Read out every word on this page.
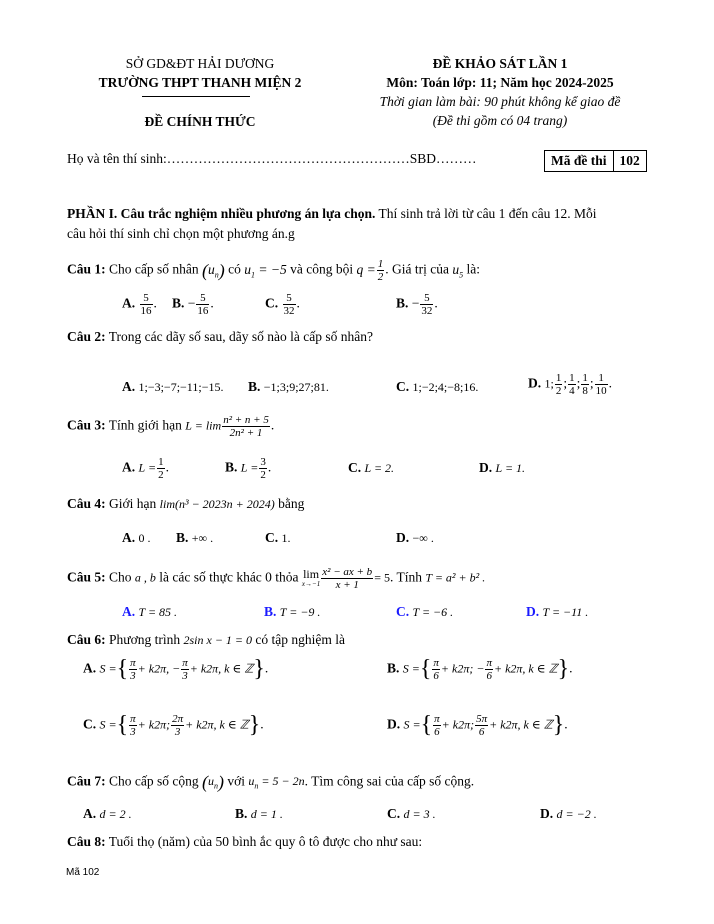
SỞ GD&ĐT HẢI DƯƠNG
TRƯỜNG THPT THANH MIỆN 2
ĐỀ CHÍNH THỨC
ĐỀ KHẢO SÁT LẦN 1
Môn: Toán lớp: 11; Năm học 2024-2025
Thời gian làm bài: 90 phút không kể giao đề
(Đề thi gồm có 04 trang)
Họ và tên thí sinh:………………………………………………SBD………	Mã đề thi 102
PHẦN I. Câu trắc nghiệm nhiều phương án lựa chọn. Thí sinh trả lời từ câu 1 đến câu 12. Mỗi
câu hỏi thí sinh chỉ chọn một phương án.g
Câu 1: Cho cấp số nhân $(u_n)$ có $u_1 = -5$ và công bội $q = \frac{1}{2}$ . Giá trị của $u_5$ là:
A. $\frac{5}{16}$ . B. − $\frac{5}{16}$ .	C. $\frac{5}{32}$ .	B. − $\frac{5}{32}$ .
Câu 2: Trong các dãy số sau, dãy số nào là cấp số nhân?
A. 1;−3;−7;−11;−15. B. −1;3;9;27;81.	C. 1;−2;4;−8;16.	D. 1; $\frac{1}{2}$ ; $\frac{1}{4}$ ; $\frac{1}{8}$ ; $\frac{1}{10}$ .
Câu 3: Tính giới hạn $L = \lim \frac{\text{n² + n + 5}}{\text{2n² + 1}}$ .
A. $L = \frac{1}{2}$ .	B. $L = \frac{3}{2}$ .	C. L = 2.	D. L = 1.
Câu 4: Giới hạn lim(n³ − 2023n + 2024) bằng
A. 0 . B. +∞ .	C. 1.	D. −∞ .
Câu 5: Cho a , b là các số thực khác 0 thỏa lim
$x\to-1 \frac{\text{x² − ax + b}}{x + 1} = 5$. Tính T = a² + b² .
A. T = 85 .	B. T = −9 .	C. T = −6 .	D. T = −11 .
Câu 6: Phương trình 2sin x − 1 = 0 có tập nghiệm là
A. S ={ $\frac{\pi}{3} + k2\pi$, − $\frac{\pi}{3} + k2\pi$, k ∈ ℤ}.	B. S ={ $\frac{\pi}{6} + k2\pi$; − $\frac{\pi}{6} + k2\pi$, k ∈ ℤ}.
C. S ={ $\frac{\pi}{3} + k2\pi$; $\frac{2\pi}{3} + k2\pi$, k ∈ ℤ}.	D. S ={ $\frac{\pi}{6} + k2\pi$; $\frac{5\pi}{6} + k2\pi$, k ∈ ℤ}.
Câu 7: Cho cấp số cộng $(u_n)$ với $u_n = 5 - 2n$. Tìm công sai của cấp số cộng.
A. d = 2 .	B. d = 1 .	C. d = 3 .	D. d = −2 .
Câu 8: Tuổi thọ (năm) của 50 bình ắc quy ô tô được cho như sau:
Mã 102
